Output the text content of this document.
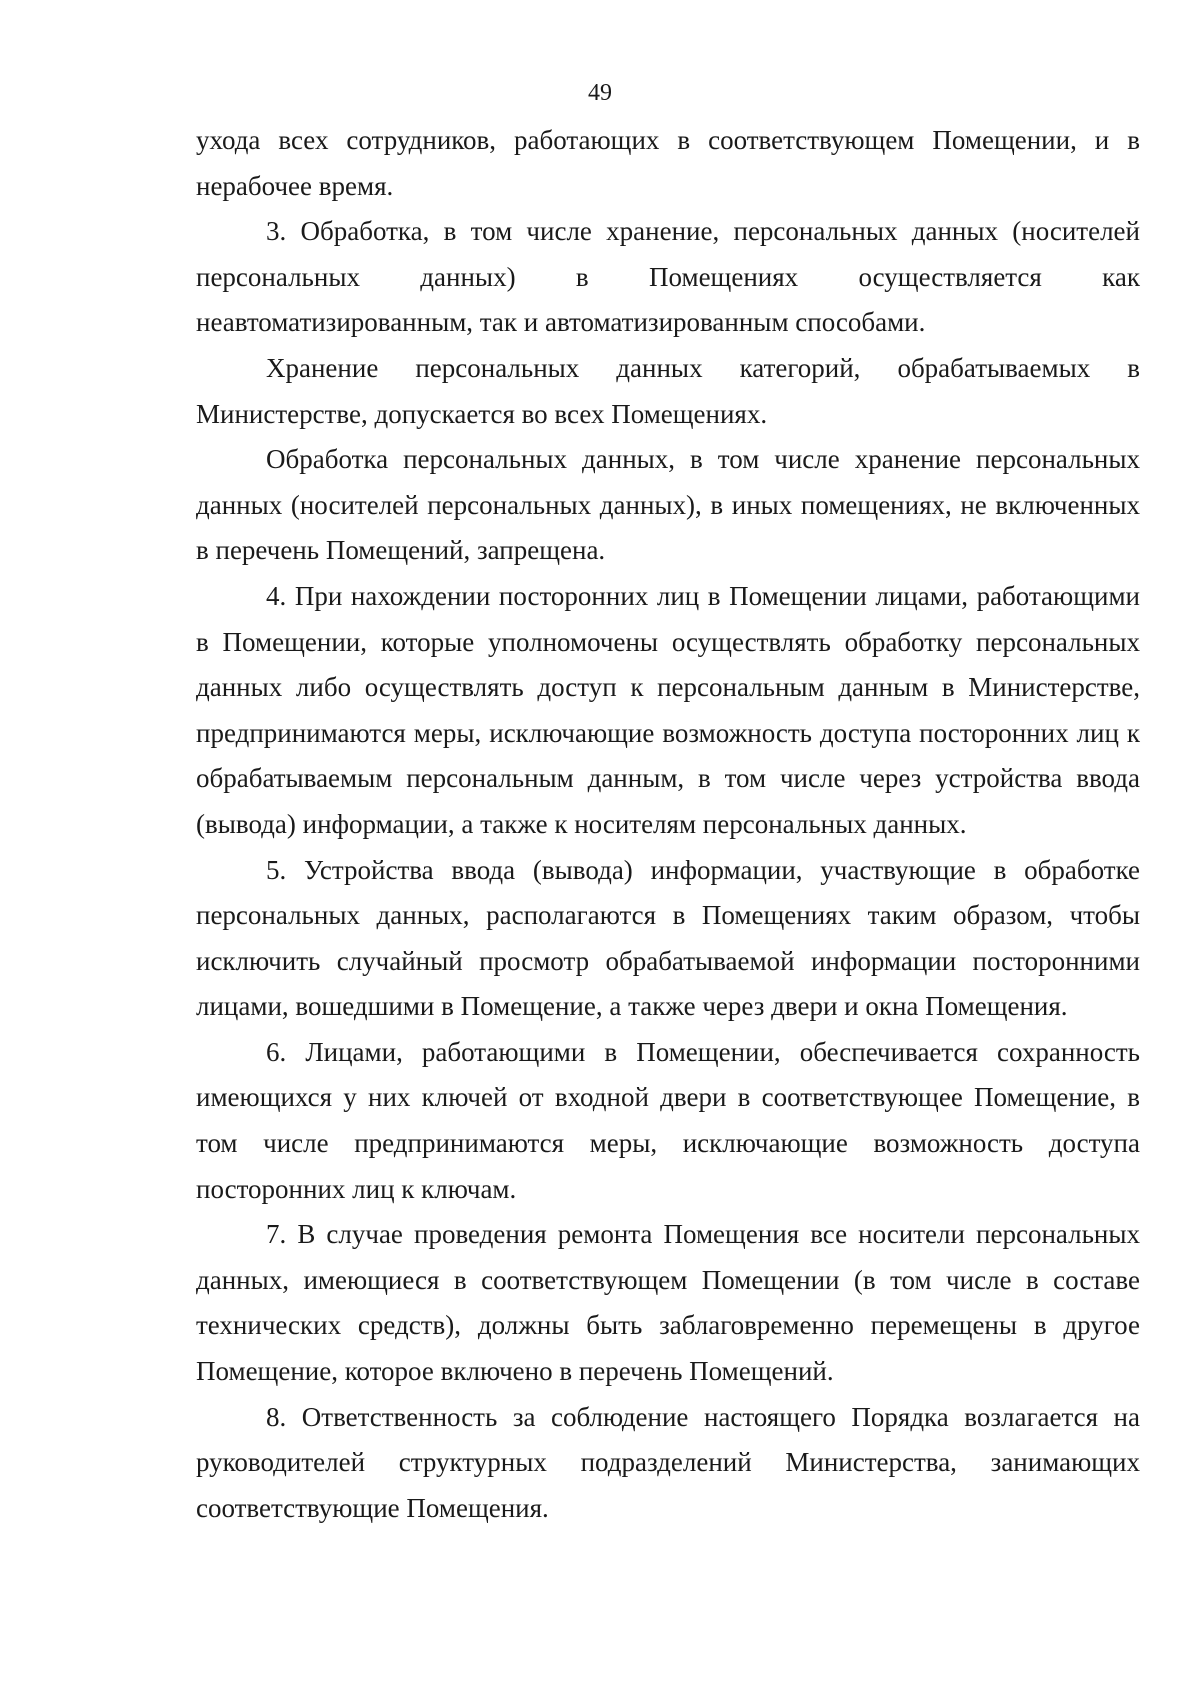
49

ухода всех сотрудников, работающих в соответствующем Помещении, и в нерабочее время.

3. Обработка, в том числе хранение, персональных данных (носителей персональных данных) в Помещениях осуществляется как неавтоматизированным, так и автоматизированным способами.

Хранение персональных данных категорий, обрабатываемых в Министерстве, допускается во всех Помещениях.

Обработка персональных данных, в том числе хранение персональных данных (носителей персональных данных), в иных помещениях, не включенных в перечень Помещений, запрещена.

4. При нахождении посторонних лиц в Помещении лицами, работающими в Помещении, которые уполномочены осуществлять обработку персональных данных либо осуществлять доступ к персональным данным в Министерстве, предпринимаются меры, исключающие возможность доступа посторонних лиц к обрабатываемым персональным данным, в том числе через устройства ввода (вывода) информации, а также к носителям персональных данных.

5. Устройства ввода (вывода) информации, участвующие в обработке персональных данных, располагаются в Помещениях таким образом, чтобы исключить случайный просмотр обрабатываемой информации посторонними лицами, вошедшими в Помещение, а также через двери и окна Помещения.

6. Лицами, работающими в Помещении, обеспечивается сохранность имеющихся у них ключей от входной двери в соответствующее Помещение, в том числе предпринимаются меры, исключающие возможность доступа посторонних лиц к ключам.

7. В случае проведения ремонта Помещения все носители персональных данных, имеющиеся в соответствующем Помещении (в том числе в составе технических средств), должны быть заблаговременно перемещены в другое Помещение, которое включено в перечень Помещений.

8. Ответственность за соблюдение настоящего Порядка возлагается на руководителей структурных подразделений Министерства, занимающих соответствующие Помещения.
